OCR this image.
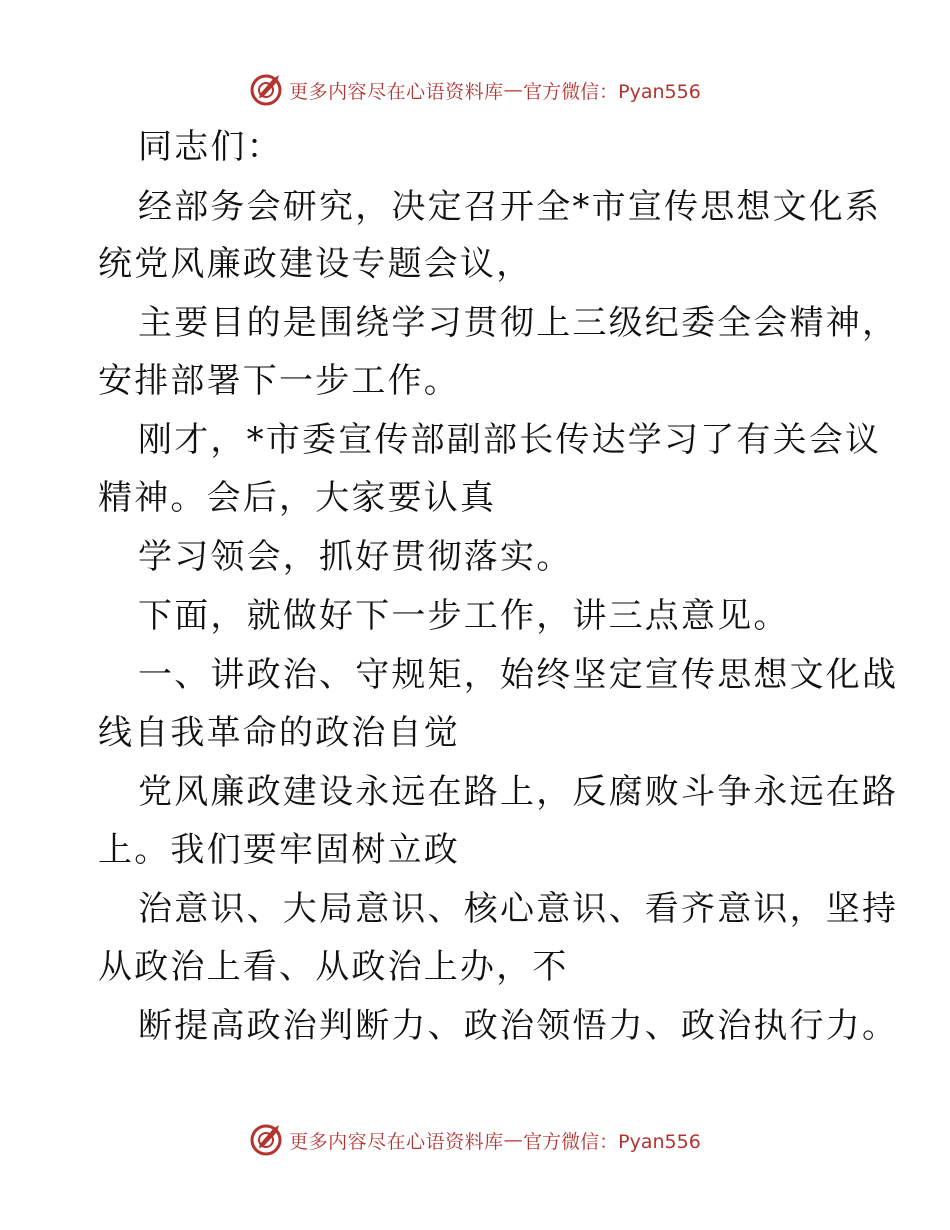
更多内容尽在心语资料库 — 官方微信：Pyan556
同志们：
经部务会研究，决定召开全*市宣传思想文化系
统党风廉政建设专题会议，
主要目的是围绕学习贯彻上三级纪委全会精神，
安排部署下一步工作。
刚才，*市委宣传部副部长传达学习了有关会议
精神。会后，大家要认真
学习领会，抓好贯彻落实。
下面，就做好下一步工作，讲三点意见。
一、讲政治、守规矩，始终坚定宣传思想文化战
线自我革命的政治自觉
党风廉政建设永远在路上，反腐败斗争永远在路
上。我们要牢固树立政
治意识、大局意识、核心意识、看齐意识，坚持
从政治上看、从政治上办，不
断提高政治判断力、政治领悟力、政治执行力。
更多内容尽在心语资料库 — 官方微信：Pyan556
